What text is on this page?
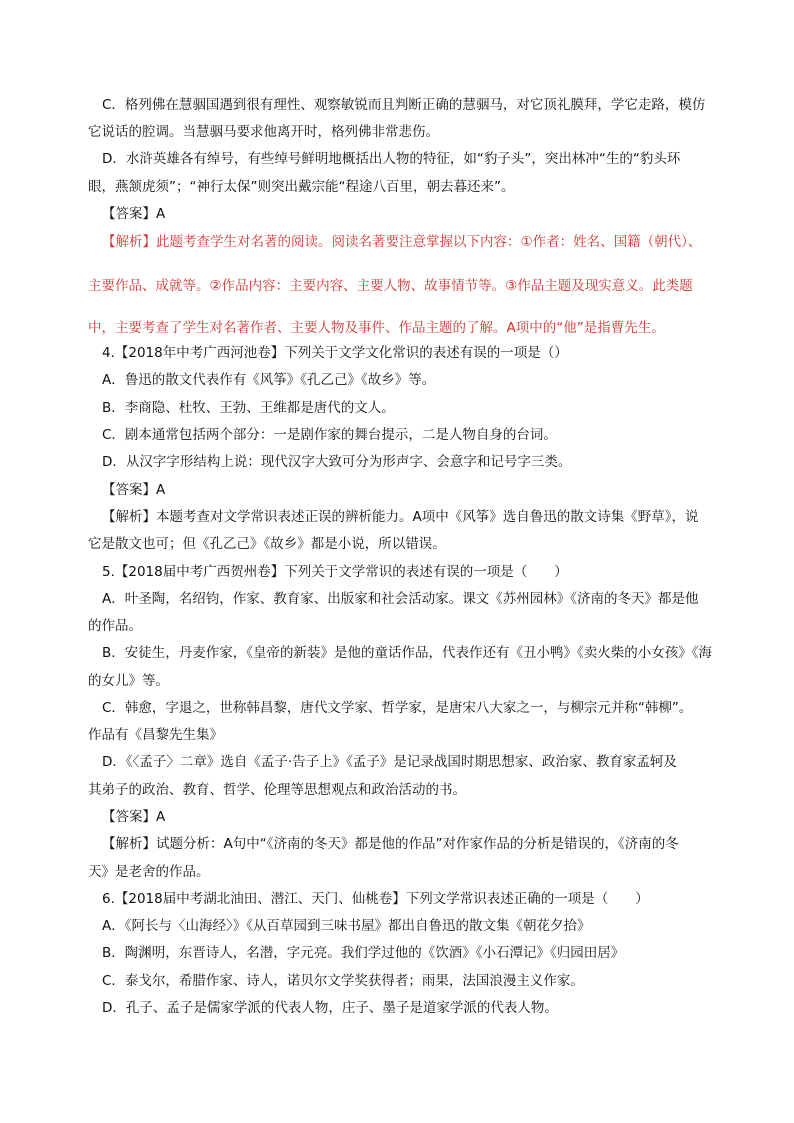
C．格列佛在慧骃国遇到很有理性、观察敏锐而且判断正确的慧骃马，对它顶礼膜拜，学它走路，模仿

它说话的腔调。当慧骃马要求他离开时，格列佛非常悲伤。

D．水浒英雄各有绰号，有些绰号鲜明地概括出人物的特征，如“豹子头”，突出林冲“生的“豹头环

眼，燕颔虎须”；“神行太保”则突出戴宗能“程途八百里，朝去暮还来”。

【答案】A

【解析】此题考查学生对名著的阅读。阅读名著要注意掌握以下内容：①作者：姓名、国籍（朝代）、

主要作品、成就等。②作品内容：主要内容、主要人物、故事情节等。③作品主题及现实意义。此类题

中，主要考查了学生对名著作者、主要人物及事件、作品主题的了解。A项中的“他”是指曹先生。

4.【2018年中考广西河池卷】下列关于文学文化常识的表述有误的一项是（）

A．鲁迅的散文代表作有《风筝》《孔乙己》《故乡》等。

B．李商隐、杜牧、王勃、王维都是唐代的文人。

C．剧本通常包括两个部分：一是剧作家的舞台提示，二是人物自身的台词。

D．从汉字字形结构上说：现代汉字大致可分为形声字、会意字和记号字三类。

【答案】A

【解析】本题考查对文学常识表述正误的辨析能力。A项中《风筝》选自鲁迅的散文诗集《野草》，说

它是散文也可；但《孔乙己》《故乡》都是小说，所以错误。

5.【2018届中考广西贺州卷】下列关于文学常识的表述有误的一项是（　　）

A．叶圣陶，名绍钧，作家、教育家、出版家和社会活动家。课文《苏州园林》《济南的冬天》都是他

的作品。

B．安徒生，丹麦作家，《皇帝的新装》是他的童话作品，代表作还有《丑小鸭》《卖火柴的小女孩》《海

的女儿》等。

C．韩愈，字退之，世称韩昌黎，唐代文学家、哲学家，是唐宋八大家之一，与柳宗元并称“韩柳”。

作品有《昌黎先生集》

D．《〈孟子〉二章》选自《孟子·告子上》《孟子》是记录战国时期思想家、政治家、教育家孟轲及

其弟子的政治、教育、哲学、伦理等思想观点和政治活动的书。

【答案】A

【解析】试题分析：A句中“《济南的冬天》都是他的作品”对作家作品的分析是错误的，《济南的冬

天》是老舍的作品。

6.【2018届中考湖北油田、潜江、天门、仙桃卷】下列文学常识表述正确的一项是（　　）

A．《阿长与〈山海经〉》《从百草园到三味书屋》都出自鲁迅的散文集《朝花夕拾》

B．陶渊明，东晋诗人，名潜，字元亮。我们学过他的《饮酒》《小石潭记》《归园田居》

C．泰戈尔，希腊作家、诗人，诺贝尔文学奖获得者；雨果，法国浪漫主义作家。

D．孔子、孟子是儒家学派的代表人物，庄子、墨子是道家学派的代表人物。
